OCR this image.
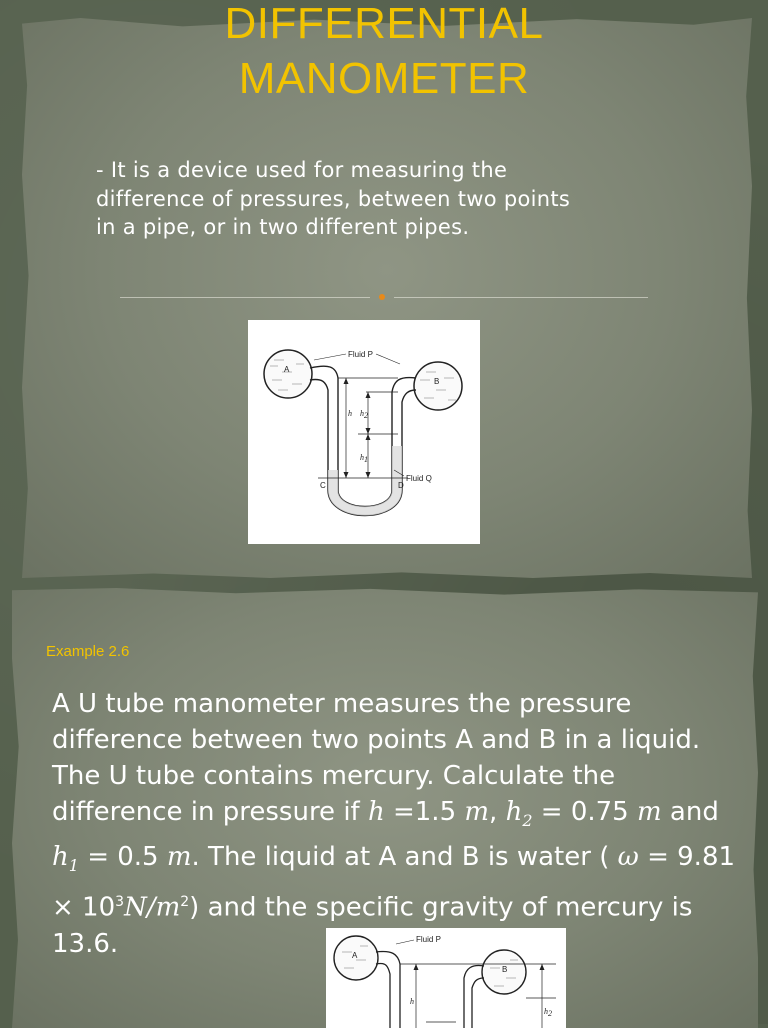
DIFFERENTIAL
MANOMETER
- It is a device used for measuring the difference of pressures, between two points in a pipe, or in two different pipes.
Fluid P
Fluid Q
A
B
C	D
h h 2
h 1
Example 2.6
A U tube manometer measures the pressure difference between two points A and B in a liquid. The U tube contains mercury. Calculate the difference in pressure if h =1.5 m, $h_2 = 0.75$ m and $h_1 = 0.5$ m. The liquid at A and B is water ( $\omega = 9.81 \times 10^3N/m^2$) and the specific gravity of mercury is 13.6.	Fluid P
A
B
h
h 2
